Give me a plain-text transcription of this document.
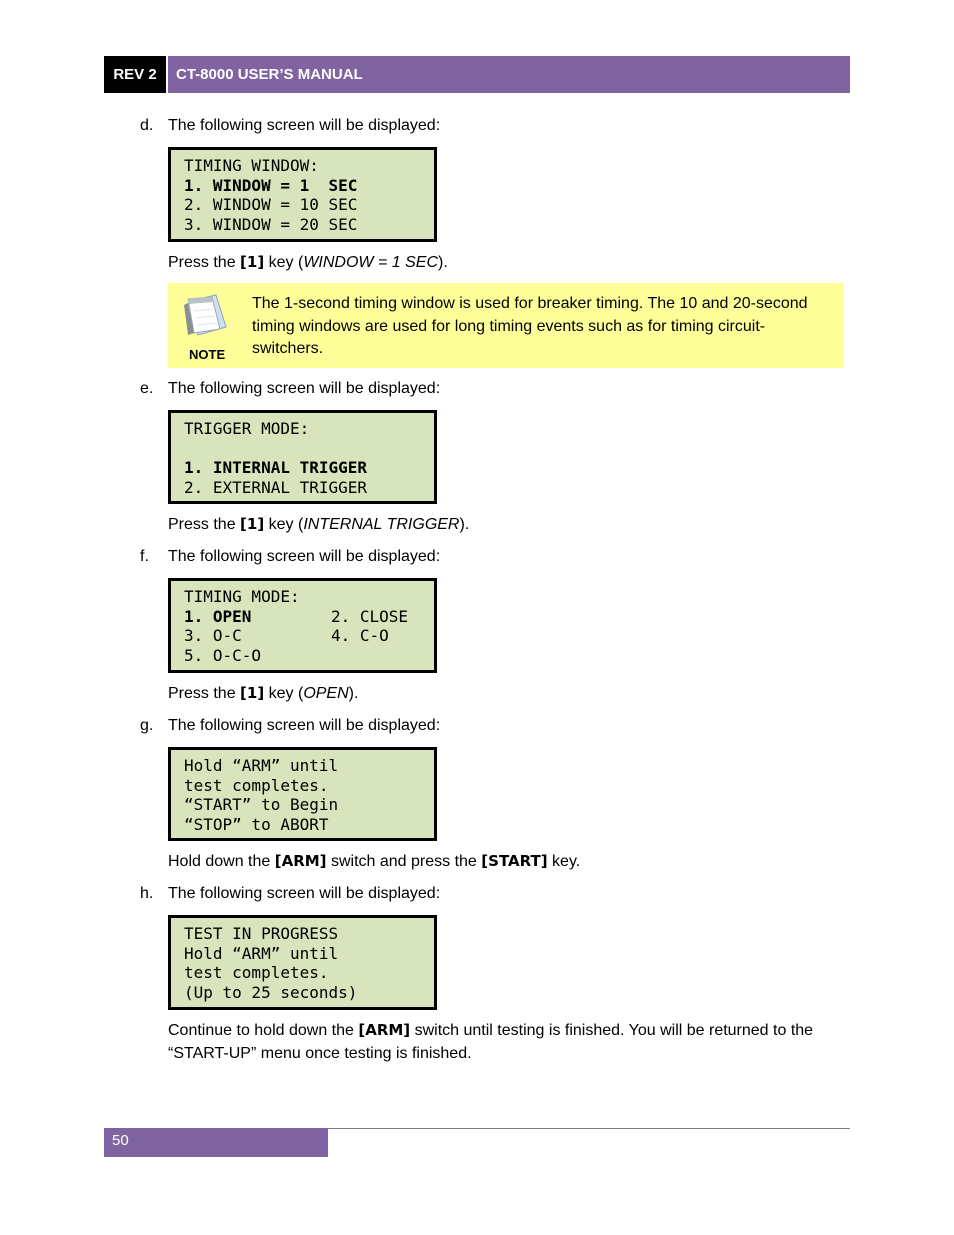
REV 2	CT-8000 USER’S MANUAL
d. The following screen will be displayed:
TIMING WINDOW:
1. WINDOW = 1  SEC
2. WINDOW = 10 SEC
3. WINDOW = 20 SEC
Press the [1] key (WINDOW = 1 SEC).
NOTE
The 1-second timing window is used for breaker timing. The 10 and 20-second timing windows are used for long timing events such as for timing circuit-switchers.
e. The following screen will be displayed:
TRIGGER MODE:

1. INTERNAL TRIGGER
2. EXTERNAL TRIGGER
Press the [1] key (INTERNAL TRIGGER).
f. The following screen will be displayed:
TIMING MODE:
1. OPEN	2. CLOSE
3. O-C	4. C-O
5. O-C-O
Press the [1] key (OPEN).
g. The following screen will be displayed:
Hold “ARM” until
test completes.
“START” to Begin
“STOP” to ABORT
Hold down the [ARM] switch and press the [START] key.
h. The following screen will be displayed:
TEST IN PROGRESS
Hold “ARM” until
test completes.
(Up to 25 seconds)
Continue to hold down the [ARM] switch until testing is finished. You will be returned to the “START-UP” menu once testing is finished.
50
